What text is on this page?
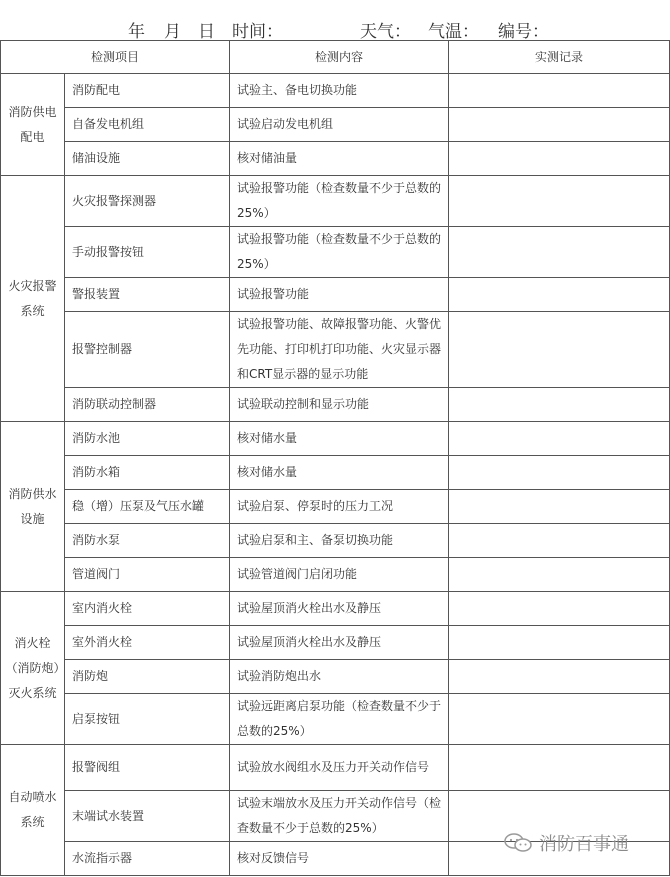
年 月 日 时间：	天气： 气温： 编号：
检测项目		检测内容	实测记录
消防供电配电	消防配电	试验主、备电切换功能	
	自备发电机组	试验启动发电机组	
	储油设施	核对储油量	
火灾报警系统	火灾报警探测器	试验报警功能（检查数量不少于总数的25%）	
	手动报警按钮	试验报警功能（检查数量不少于总数的25%）	
	警报装置	试验报警功能	
	报警控制器	试验报警功能、故障报警功能、火警优先功能、打印机打印功能、火灾显示器和CRT显示器的显示功能	
	消防联动控制器	试验联动控制和显示功能	
消防供水设施	消防水池	核对储水量	
	消防水箱	核对储水量	
	稳（增）压泵及气压水罐	试验启泵、停泵时的压力工况	
	消防水泵	试验启泵和主、备泵切换功能	
	管道阀门	试验管道阀门启闭功能	
消火栓（消防炮）灭火系统	室内消火栓	试验屋顶消火栓出水及静压	
	室外消火栓	试验屋顶消火栓出水及静压	
	消防炮	试验消防炮出水	
	启泵按钮	试验远距离启泵功能（检查数量不少于总数的25%）	
自动喷水系统	报警阀组	试验放水阀组水及压力开关动作信号	
	末端试水装置	试验末端放水及压力开关动作信号（检查数量不少于总数的25%）	
	水流指示器	核对反馈信号	
消防百事通
